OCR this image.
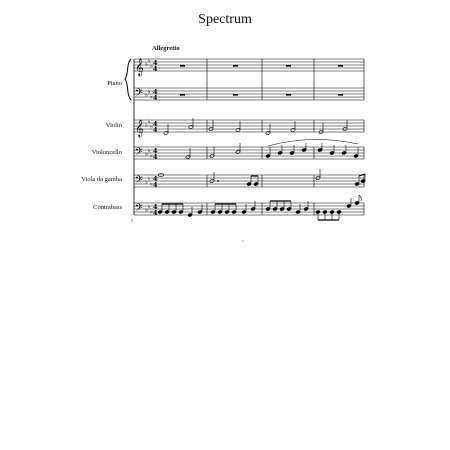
Spectrum
Allegretto
Piano
Violin
Violoncello
Viola da gamba
Contrabass
5
𝄞
𝄢
𝄞
𝄢
𝄢
𝄢
♭ ♭
♭
♭ ♭
♭
♭ ♭
♭
♭ ♭
♭
♭ ♭
♭
♭ ♭
♭
4
4
4
4
4
4
4
4
4
4
4
4
